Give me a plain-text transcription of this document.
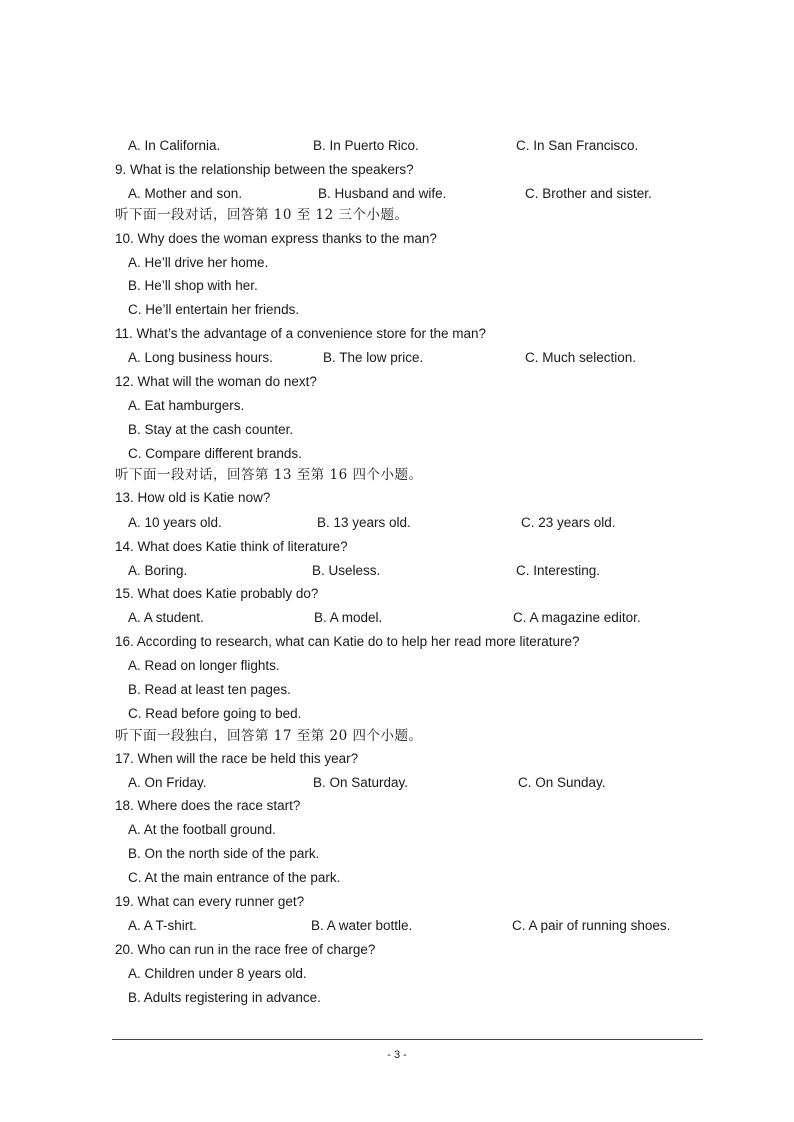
A. In California.	B. In Puerto Rico.	C. In San Francisco.
9. What is the relationship between the speakers?
A. Mother and son.	B. Husband and wife.	C. Brother and sister.
听下面一段对话，回答第 10 至 12 三个小题。
10. Why does the woman express thanks to the man?
A. He’ll drive her home.
B. He’ll shop with her.
C. He’ll entertain her friends.
11. What’s the advantage of a convenience store for the man?
A. Long business hours.	B. The low price.	C. Much selection.
12. What will the woman do next?
A. Eat hamburgers.
B. Stay at the cash counter.
C. Compare different brands.
听下面一段对话，回答第 13 至第 16 四个小题。
13. How old is Katie now?
A. 10 years old.	B. 13 years old.	C. 23 years old.
14. What does Katie think of literature?
A. Boring.	B. Useless.	C. Interesting.
15. What does Katie probably do?
A. A student.	B. A model.	C. A magazine editor.
16. According to research, what can Katie do to help her read more literature?
A. Read on longer flights.
B. Read at least ten pages.
C. Read before going to bed.
听下面一段独白，回答第 17 至第 20 四个小题。
17. When will the race be held this year?
A. On Friday.	B. On Saturday.	C. On Sunday.
18. Where does the race start?
A. At the football ground.
B. On the north side of the park.
C. At the main entrance of the park.
19. What can every runner get?
A. A T-shirt.	B. A water bottle.	C. A pair of running shoes.
20. Who can run in the race free of charge?
A. Children under 8 years old.
B. Adults registering in advance.
- 3 -
